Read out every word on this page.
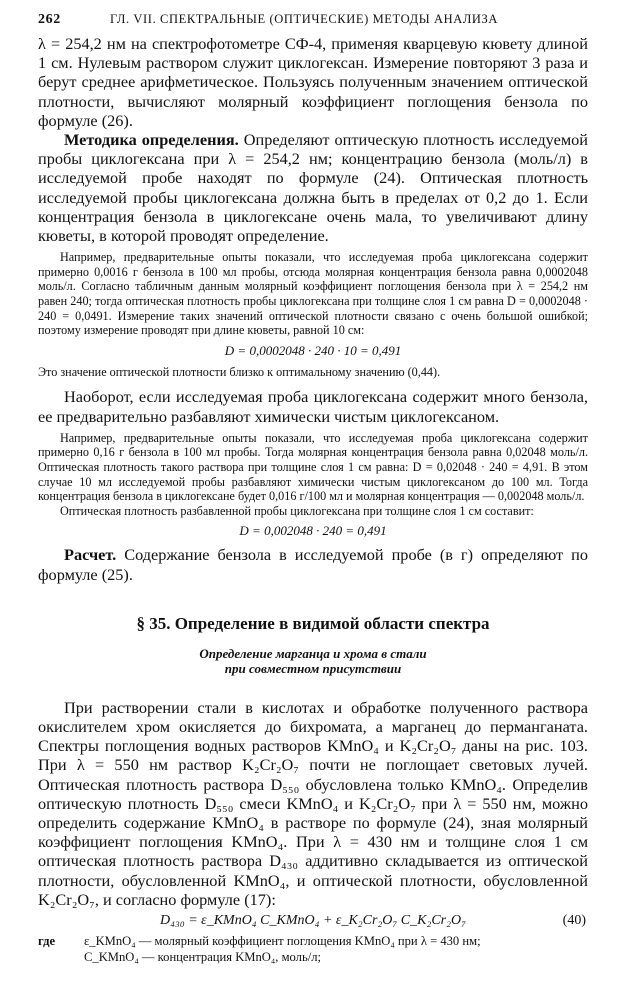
262	ГЛ. VII. СПЕКТРАЛЬНЫЕ (ОПТИЧЕСКИЕ) МЕТОДЫ АНАЛИЗА

λ = 254,2 нм на спектрофотометре СФ-4, применяя кварцевую кювету длиной 1 см. Нулевым раствором служит циклогексан. Измерение повторяют 3 раза и берут среднее арифметическое. Пользуясь полученным значением оптической плотности, вычисляют молярный коэффициент поглощения бензола по формуле (26).

Методика определения. Определяют оптическую плотность исследуемой пробы циклогексана при λ = 254,2 нм; концентрацию бензола (моль/л) в исследуемой пробе находят по формуле (24). Оптическая плотность исследуемой пробы циклогексана должна быть в пределах от 0,2 до 1. Если концентрация бензола в циклогексане очень мала, то увеличивают длину кюветы, в которой проводят определение.

Например, предварительные опыты показали, что исследуемая проба циклогексана содержит примерно 0,0016 г бензола в 100 мл пробы, отсюда молярная концентрация бензола равна 0,0002048 моль/л. Согласно табличным данным молярный коэффициент поглощения бензола при λ = 254,2 нм равен 240; тогда оптическая плотность пробы циклогексана при толщине слоя 1 см равна D = 0,0002048 · 240 = 0,0491. Измерение таких значений оптической плотности связано с очень большой ошибкой; поэтому измерение проводят при длине кюветы, равной 10 см:

D = 0,0002048 · 240 · 10 = 0,491

Это значение оптической плотности близко к оптимальному значению (0,44).

Наоборот, если исследуемая проба циклогексана содержит много бензола, ее предварительно разбавляют химически чистым циклогексаном.

Например, предварительные опыты показали, что исследуемая проба циклогексана содержит примерно 0,16 г бензола в 100 мл пробы. Тогда молярная концентрация бензола равна 0,02048 моль/л. Оптическая плотность такого раствора при толщине слоя 1 см равна: D = 0,02048 · 240 = 4,91. В этом случае 10 мл исследуемой пробы разбавляют химически чистым циклогексаном до 100 мл. Тогда концентрация бензола в циклогексане будет 0,016 г/100 мл и молярная концентрация — 0,002048 моль/л.

Оптическая плотность разбавленной пробы циклогексана при толщине слоя 1 см составит:

D = 0,002048 · 240 = 0,491

Расчет. Содержание бензола в исследуемой пробе (в г) определяют по формуле (25).

§ 35. Определение в видимой области спектра
Определение марганца и хрома в стали
при совместном присутствии

При растворении стали в кислотах и обработке полученного раствора окислителем хром окисляется до бихромата, а марганец до перманганата. Спектры поглощения водных растворов KMnO₄ и K₂Cr₂O₇ даны на рис. 103. При λ = 550 нм раствор K₂Cr₂O₇ почти не поглощает световых лучей. Оптическая плотность раствора D₅₅₀ обусловлена только KMnO₄. Определив оптическую плотность D₅₅₀ смеси KMnO₄ и K₂Cr₂O₇ при λ = 550 нм, можно определить содержание KMnO₄ в растворе по формуле (24), зная молярный коэффициент поглощения KMnO₄. При λ = 430 нм и толщине слоя 1 см оптическая плотность раствора D₄₃₀ аддитивно складывается из оптической плотности, обусловленной KMnO₄, и оптической плотности, обусловленной K₂Cr₂O₇, и согласно формуле (17):

D₄₃₀ = ε_KMnO₄ C_KMnO₄ + ε_K₂Cr₂O₇ C_K₂Cr₂O₇	(40)
где	ε_KMnO₄ — молярный коэффициент поглощения KMnO₄ при λ = 430 нм;
C_KMnO₄ — концентрация KMnO₄, моль/л;
